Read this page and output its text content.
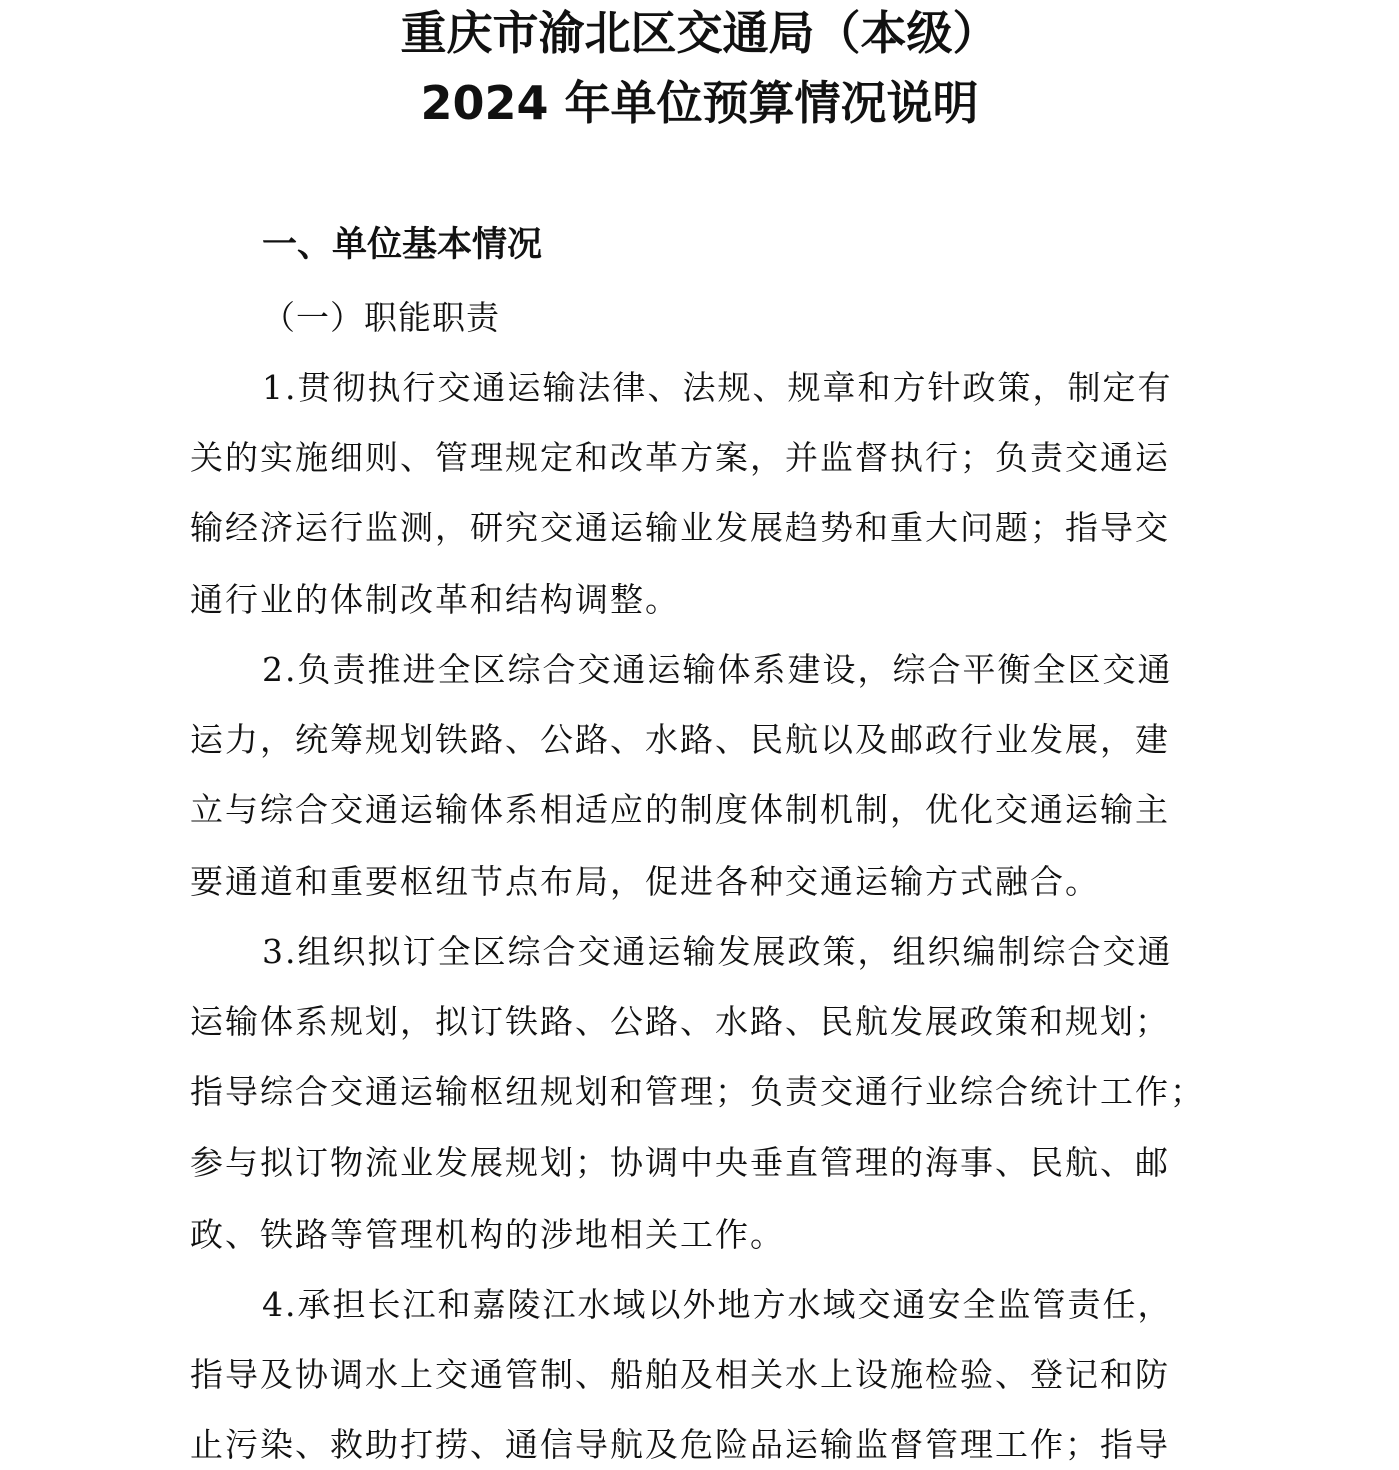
重庆市渝北区交通局（本级）
2024 年单位预算情况说明
一、单位基本情况
（一）职能职责
1.贯彻执行交通运输法律、法规、规章和方针政策，制定有
关的实施细则、管理规定和改革方案，并监督执行；负责交通运
输经济运行监测，研究交通运输业发展趋势和重大问题；指导交
通行业的体制改革和结构调整。
2.负责推进全区综合交通运输体系建设，综合平衡全区交通
运力，统筹规划铁路、公路、水路、民航以及邮政行业发展，建
立与综合交通运输体系相适应的制度体制机制，优化交通运输主
要通道和重要枢纽节点布局，促进各种交通运输方式融合。
3.组织拟订全区综合交通运输发展政策，组织编制综合交通
运输体系规划，拟订铁路、公路、水路、民航发展政策和规划；
指导综合交通运输枢纽规划和管理；负责交通行业综合统计工作；
参与拟订物流业发展规划；协调中央垂直管理的海事、民航、邮
政、铁路等管理机构的涉地相关工作。
4.承担长江和嘉陵江水域以外地方水域交通安全监管责任，
指导及协调水上交通管制、船舶及相关水上设施检验、登记和防
止污染、救助打捞、通信导航及危险品运输监督管理工作；指导
